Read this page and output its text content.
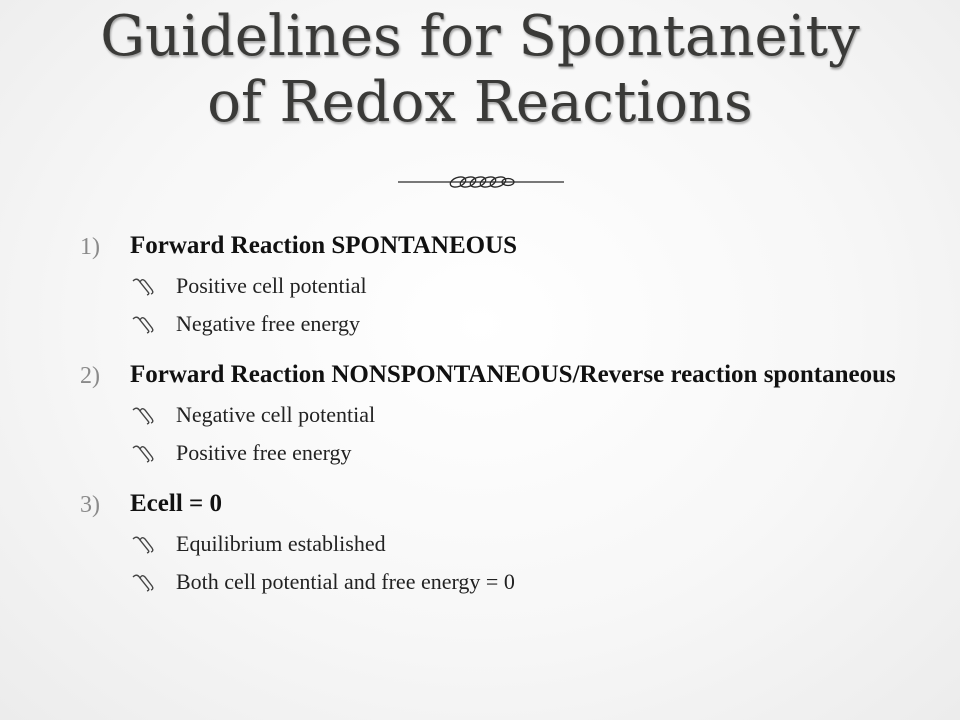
Guidelines for Spontaneity
of Redox Reactions
1)	Forward Reaction SPONTANEOUS
Positive cell potential
Negative free energy
2)	Forward Reaction NONSPONTANEOUS/Reverse reaction spontaneous
Negative cell potential
Positive free energy
3)	Ecell = 0
Equilibrium established
Both cell potential and free energy = 0
